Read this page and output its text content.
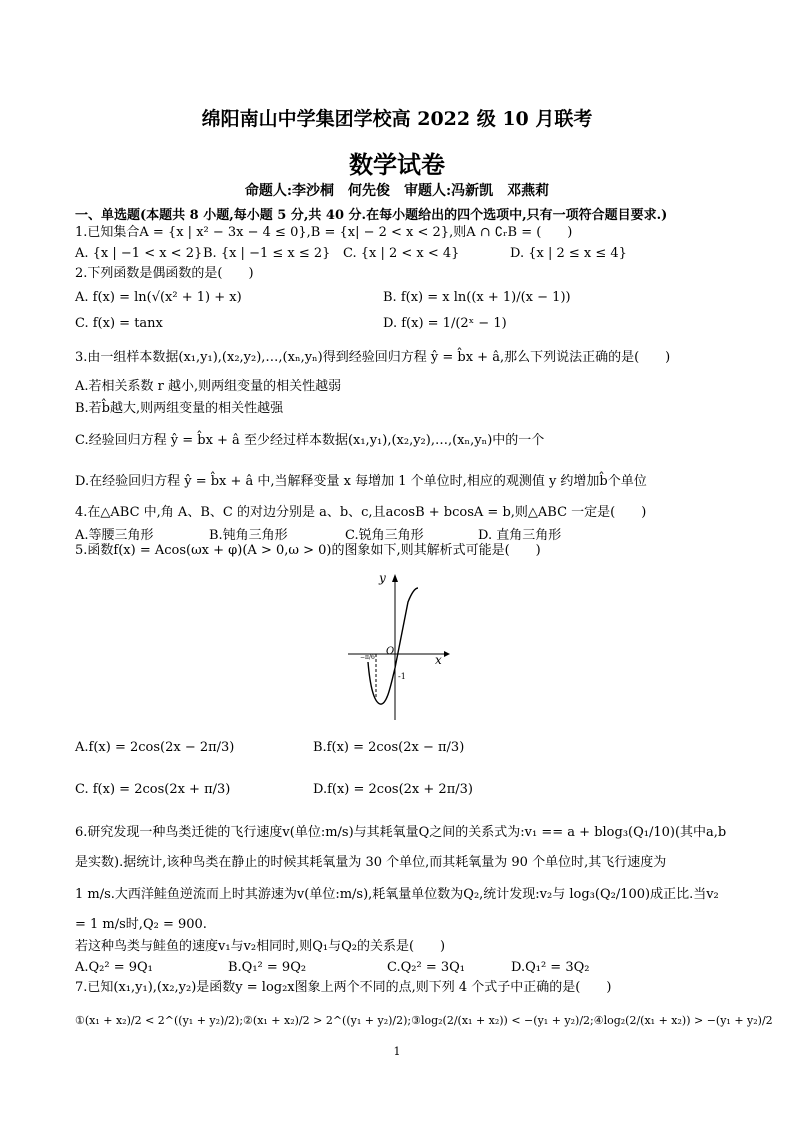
绵阳南山中学集团学校高 2022 级 10 月联考
数学试卷
命题人:李沙桐　何先俊　审题人:冯新凯　邓燕莉
一、单选题(本题共 8 小题,每小题 5 分,共 40 分.在每小题给出的四个选项中,只有一项符合题目要求.)
1.已知集合A = {x | x² − 3x − 4 ≤ 0},B = {x| − 2 < x < 2},则A ∩ ∁ᵣB = (　　)
A. {x | −1 < x < 2} B. {x | −1 ≤ x ≤ 2} C. {x | 2 < x < 4}	D. {x | 2 ≤ x ≤ 4}
2.下列函数是偶函数的是(　　)
A. f(x) = ln(√(x² + 1) + x)	B. f(x) = x ln((x + 1)/(x − 1))
C. f(x) = tanx	D. f(x) = 1/(2ˣ − 1)
3.由一组样本数据(x₁,y₁),(x₂,y₂),…,(xₙ,yₙ)得到经验回归方程 ŷ = b̂x + â,那么下列说法正确的是(　　)
A.若相关系数 r 越小,则两组变量的相关性越弱
B.若b̂越大,则两组变量的相关性越强
C.经验回归方程 ŷ = b̂x + â 至少经过样本数据(x₁,y₁),(x₂,y₂),…,(xₙ,yₙ)中的一个
D.在经验回归方程 ŷ = b̂x + â 中,当解释变量 x 每增加 1 个单位时,相应的观测值 y 约增加b̂个单位
4.在△ABC 中,角 A、B、C 的对边分别是 a、b、c,且acosB + bcosA = b,则△ABC 一定是(　　)
A.等腰三角形	B.钝角三角形	C.锐角三角形	D. 直角三角形
5.函数f(x) = Acos(ωx + φ)(A > 0,ω > 0)的图象如下,则其解析式可能是(　　)
y
x
O
−π/6
-1
A.f(x) = 2cos(2x − 2π/3)	B.f(x) = 2cos(2x − π/3)
C. f(x) = 2cos(2x + π/3)	D.f(x) = 2cos(2x + 2π/3)
6.研究发现一种鸟类迁徙的飞行速度v(单位:m/s)与其耗氧量Q之间的关系式为:v₁ == a + blog₃(Q₁/10)(其中a,b
是实数).据统计,该种鸟类在静止的时候其耗氧量为 30 个单位,而其耗氧量为 90 个单位时,其飞行速度为
1 m/s.大西洋鲑鱼逆流而上时其游速为v(单位:m/s),耗氧量单位数为Q₂,统计发现:v₂与 log₃(Q₂/100)成正比.当v₂
= 1 m/s时,Q₂ = 900.
若这种鸟类与鲑鱼的速度v₁与v₂相同时,则Q₁与Q₂的关系是(　　)
A.Q₂² = 9Q₁	B.Q₁² = 9Q₂	C.Q₂² = 3Q₁	D.Q₁² = 3Q₂
7.已知(x₁,y₁),(x₂,y₂)是函数y = log₂x图象上两个不同的点,则下列 4 个式子中正确的是(　　)
①(x₁ + x₂)/2 < 2^((y₁ + y₂)/2);②(x₁ + x₂)/2 > 2^((y₁ + y₂)/2);③log₂(2/(x₁ + x₂)) < −(y₁ + y₂)/2;④log₂(2/(x₁ + x₂)) > −(y₁ + y₂)/2
1
